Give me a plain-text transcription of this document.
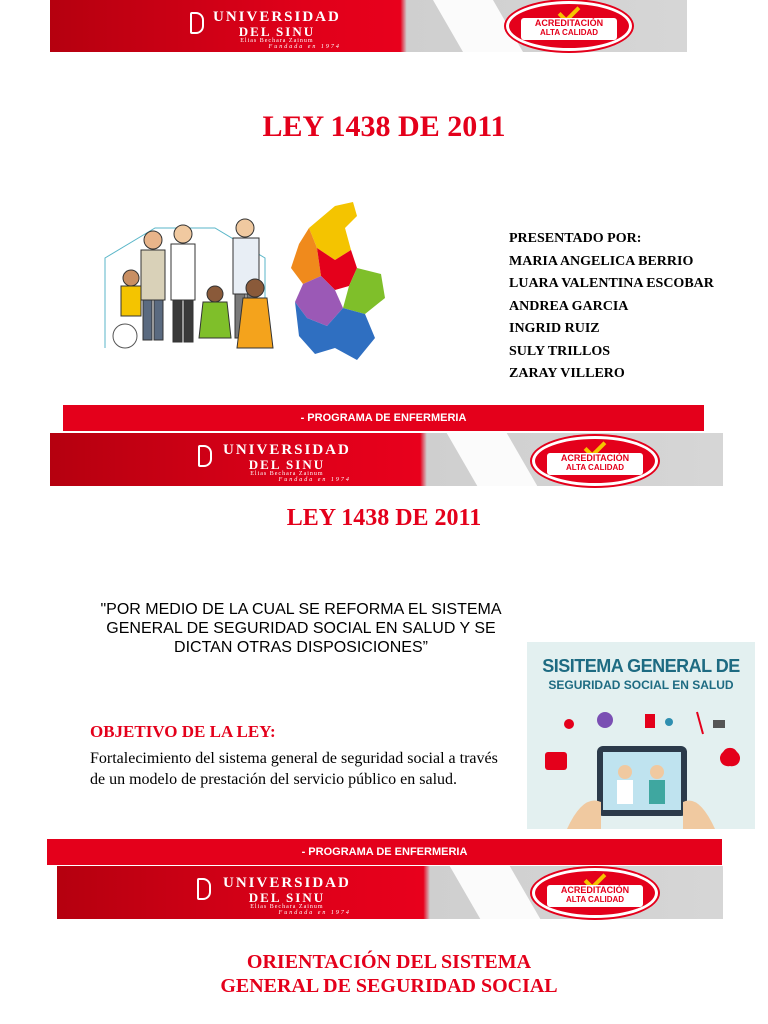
UNIVERSIDAD
DEL SINU
Elias Bechara Zainum
Fundada en 1974
ACREDITACIÓN
ALTA CALIDAD
LEY 1438 DE 2011
PRESENTADO POR:
MARIA ANGELICA BERRIO
LUARA VALENTINA ESCOBAR
ANDREA GARCIA
INGRID RUIZ
SULY TRILLOS
ZARAY VILLERO
- PROGRAMA DE ENFERMERIA
UNIVERSIDAD
DEL SINU
Elias Bechara Zainum
Fundada en 1974
ACREDITACIÓN
ALTA CALIDAD
LEY 1438 DE 2011
"POR MEDIO DE LA CUAL SE REFORMA EL SISTEMA GENERAL DE SEGURIDAD SOCIAL EN SALUD Y SE DICTAN OTRAS DISPOSICIONES”
OBJETIVO DE LA LEY:
Fortalecimiento del sistema general de seguridad social a través de un modelo de prestación del servicio público en salud.
SISITEMA GENERAL DE
SEGURIDAD SOCIAL EN SALUD
- PROGRAMA DE ENFERMERIA
UNIVERSIDAD
DEL SINU
Elias Bechara Zainum
Fundada en 1974
ACREDITACIÓN
ALTA CALIDAD
ORIENTACIÓN DEL SISTEMA
GENERAL DE SEGURIDAD SOCIAL
